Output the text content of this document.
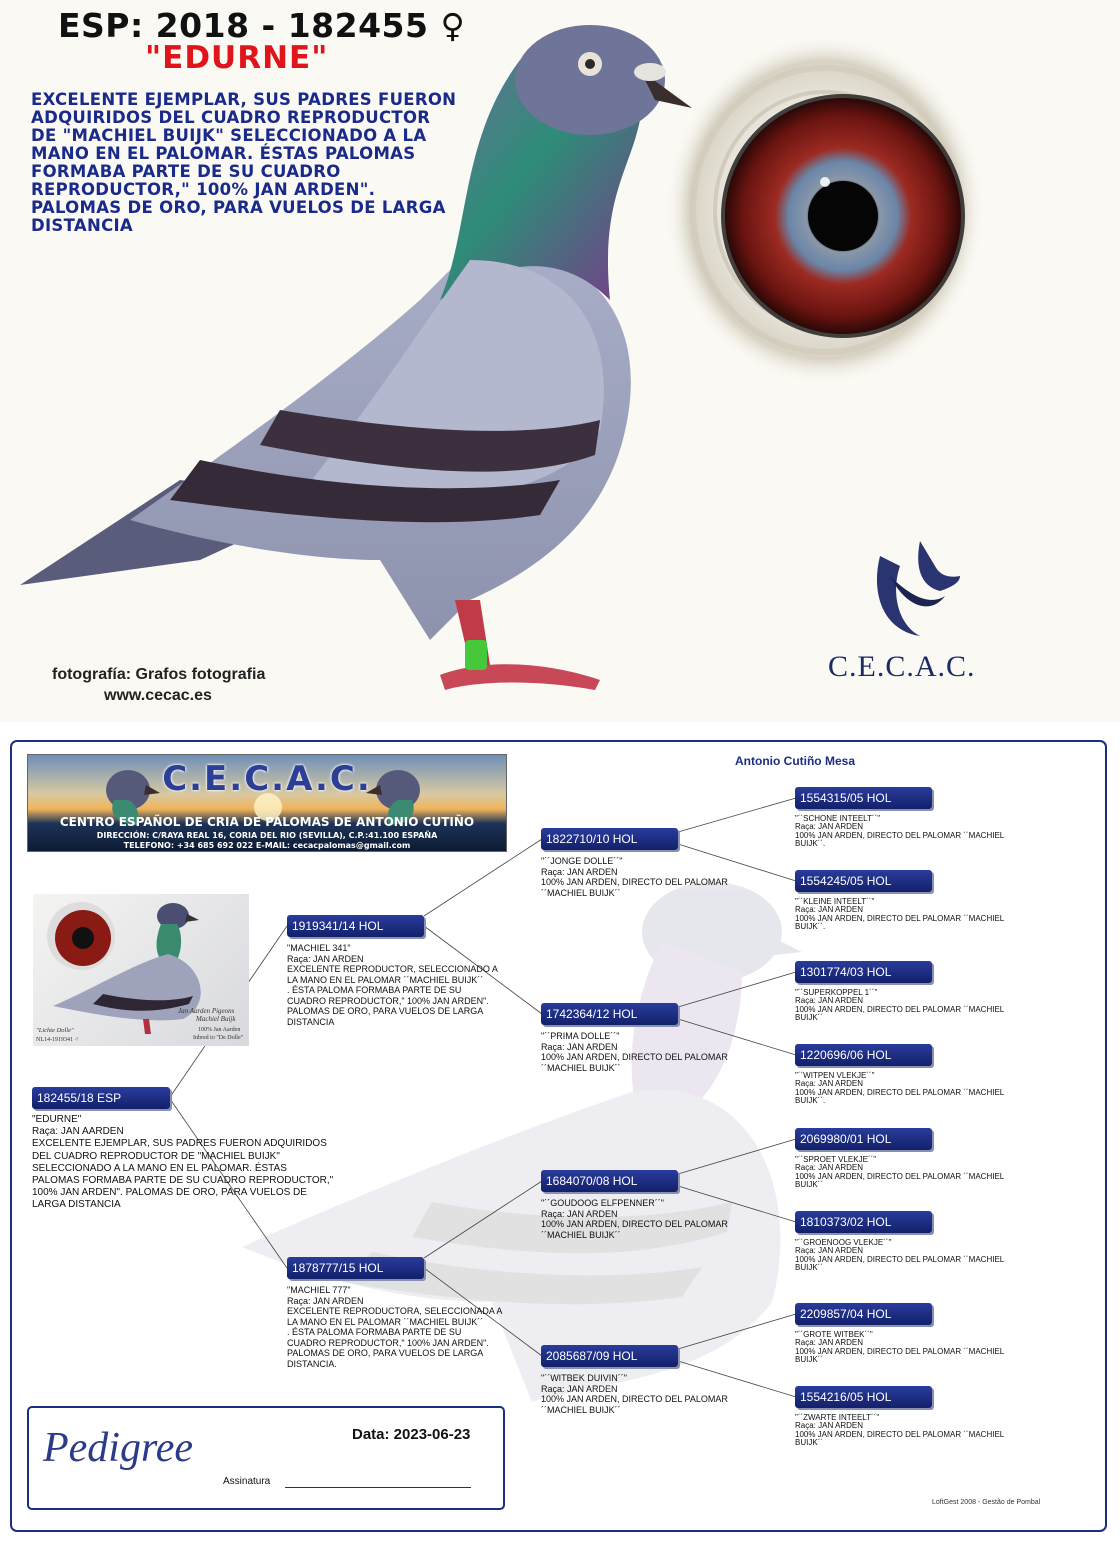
ESP: 2018 - 182455 ♀
"EDURNE"
EXCELENTE EJEMPLAR, SUS PADRES FUERON ADQUIRIDOS DEL CUADRO REPRODUCTOR DE "MACHIEL BUIJK" SELECCIONADO A LA MANO EN EL PALOMAR. ÉSTAS PALOMAS FORMABA PARTE DE SU CUADRO REPRODUCTOR," 100% JAN ARDEN". PALOMAS DE ORO, PARA VUELOS DE LARGA DISTANCIA
fotografía: Grafos fotografia
www.cecac.es
C.E.C.A.C.
Antonio Cutiño Mesa
C.E.C.A.C.
CENTRO ESPAÑOL DE CRIA DE PALOMAS DE ANTONIO CUTIÑO
DIRECCIÓN: C/RAYA REAL 16, CORIA DEL RIO (SEVILLA), C.P.:41.100 ESPAÑA
TELEFONO: +34 685 692 022 E-MAIL: cecacpalomas@gmail.com
Jan Aarden Pigeons
Machiel Buijk
"Lichte Dolle"
NL14-1919341 ♂
100% Jan Aarden
Inbred to "De Dolle"
182455/18 ESP
"EDURNE"
Raça: JAN AARDEN
EXCELENTE EJEMPLAR, SUS PADRES FUERON ADQUIRIDOS
DEL CUADRO REPRODUCTOR DE "MACHIEL BUIJK"
SELECCIONADO A LA MANO EN EL PALOMAR. ÉSTAS
PALOMAS FORMABA PARTE DE SU CUADRO REPRODUCTOR,"
100% JAN ARDEN". PALOMAS DE ORO, PARA VUELOS DE
LARGA DISTANCIA
1919341/14 HOL
"MACHIEL 341"
Raça: JAN ARDEN
EXCELENTE REPRODUCTOR, SELECCIONADO A
LA MANO EN EL PALOMAR ´´MACHIEL BUIJK´´
. ÉSTA PALOMA FORMABA PARTE DE SU
CUADRO REPRODUCTOR," 100% JAN ARDEN".
PALOMAS DE ORO, PARA VUELOS DE LARGA
DISTANCIA
1878777/15 HOL
"MACHIEL 777"
Raça: JAN ARDEN
EXCELENTE REPRODUCTORA, SELECCIONADA A
LA MANO EN EL PALOMAR ´´MACHIEL BUIJK´´
. ÉSTA PALOMA FORMABA PARTE DE SU
CUADRO REPRODUCTOR," 100% JAN ARDEN".
PALOMAS DE ORO, PARA VUELOS DE LARGA
DISTANCIA.
1822710/10 HOL
"´´JONGE DOLLE´´"
Raça: JAN ARDEN
100% JAN ARDEN, DIRECTO DEL PALOMAR
´´MACHIEL BUIJK´´
1742364/12 HOL
"´´PRIMA DOLLE´´"
Raça: JAN ARDEN
100% JAN ARDEN, DIRECTO DEL PALOMAR
´´MACHIEL BUIJK´´
1684070/08 HOL
"´´GOUDOOG ELFPENNER´´"
Raça: JAN ARDEN
100% JAN ARDEN, DIRECTO DEL PALOMAR
´´MACHIEL BUIJK´´
2085687/09 HOL
"´´WITBEK DUIVIN´´"
Raça: JAN ARDEN
100% JAN ARDEN, DIRECTO DEL PALOMAR
´´MACHIEL BUIJK´´
1554315/05 HOL
"´´SCHONE INTEELT´´"
Raça: JAN ARDEN
100% JAN ARDEN, DIRECTO DEL PALOMAR ´´MACHIEL
BUIJK´´.
1554245/05 HOL
"´´KLEINE INTEELT´´"
Raça: JAN ARDEN
100% JAN ARDEN, DIRECTO DEL PALOMAR ´´MACHIEL
BUIJK´´.
1301774/03 HOL
"´´SUPERKOPPEL 1´´"
Raça: JAN ARDEN
100% JAN ARDEN, DIRECTO DEL PALOMAR ´´MACHIEL
BUIJK´´
1220696/06 HOL
"´´WITPEN VLEKJE´´"
Raça: JAN ARDEN
100% JAN ARDEN, DIRECTO DEL PALOMAR ´´MACHIEL
BUIJK´´.
2069980/01 HOL
"´´SPROET VLEKJE´´"
Raça: JAN ARDEN
100% JAN ARDEN, DIRECTO DEL PALOMAR ´´MACHIEL
BUIJK´´
1810373/02 HOL
"´´GROENOOG VLEKJE´´"
Raça: JAN ARDEN
100% JAN ARDEN, DIRECTO DEL PALOMAR ´´MACHIEL
BUIJK´´
2209857/04 HOL
"´´GROTE WITBEK´´"
Raça: JAN ARDEN
100% JAN ARDEN, DIRECTO DEL PALOMAR ´´MACHIEL
BUIJK´´
1554216/05 HOL
"´´ZWARTE INTEELT´´"
Raça: JAN ARDEN
100% JAN ARDEN, DIRECTO DEL PALOMAR ´´MACHIEL
BUIJK´´
Pedigree	Data: 2023-06-23
Assinatura
LoftGest 2008 - Gestão de Pombal
